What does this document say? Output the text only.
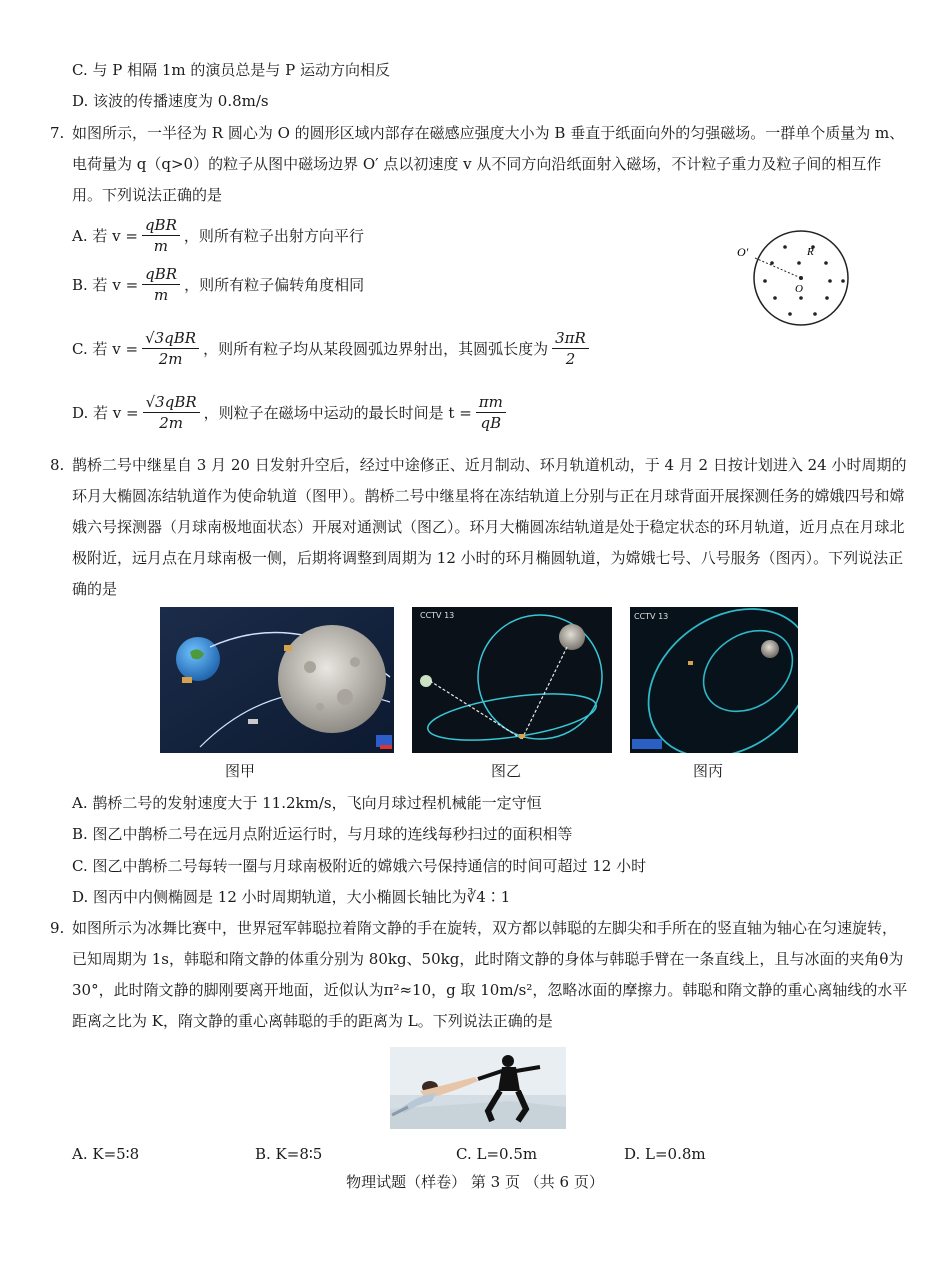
C. 与 P 相隔 1m 的演员总是与 P 运动方向相反
D. 该波的传播速度为 0.8m/s
7. 如图所示，一半径为 R 圆心为 O 的圆形区域内部存在磁感应强度大小为 B 垂直于纸面向外的匀强磁场。一群单个质量为 m、电荷量为 q（q>0）的粒子从图中磁场边界 O′ 点以初速度 v 从不同方向沿纸面射入磁场，不计粒子重力及粒子间的相互作用。下列说法正确的是
A. 若 $v = \frac{\text{qBR}}{m}$ ，则所有粒子出射方向平行
B. 若 $v = \frac{\text{qBR}}{m}$ ，则所有粒子偏转角度相同
C. 若 $v = \frac{\text{√3qBR}}{2m}$ ，则所有粒子均从某段圆弧边界射出，其圆弧长度为 $\frac{3\pi R}{2}$
D. 若 $v = \frac{\text{√3qBR}}{2m}$ ，则粒子在磁场中运动的最长时间是 $t = \frac{\pi m}{qB}$
O′	R
O
8. 鹊桥二号中继星自 3 月 20 日发射升空后，经过中途修正、近月制动、环月轨道机动，于 4 月 2 日按计划进入 24 小时周期的环月大椭圆冻结轨道作为使命轨道（图甲）。鹊桥二号中继星将在冻结轨道上分别与正在月球背面开展探测任务的嫦娥四号和嫦娥六号探测器（月球南极地面状态）开展对通测试（图乙）。环月大椭圆冻结轨道是处于稳定状态的环月轨道，近月点在月球北极附近，远月点在月球南极一侧，后期将调整到周期为 12 小时的环月椭圆轨道，为嫦娥七号、八号服务（图丙）。下列说法正确的是
CCTV 13	CCTV 13
图甲	图乙	图丙
A. 鹊桥二号的发射速度大于 11.2km/s，飞向月球过程机械能一定守恒
B. 图乙中鹊桥二号在远月点附近运行时，与月球的连线每秒扫过的面积相等
C. 图乙中鹊桥二号每转一圈与月球南极附近的嫦娥六号保持通信的时间可超过 12 小时
D. 图丙中内侧椭圆是 12 小时周期轨道，大小椭圆长轴比为∛4∶1
9. 如图所示为冰舞比赛中，世界冠军韩聪拉着隋文静的手在旋转，双方都以韩聪的左脚尖和手所在的竖直轴为轴心在匀速旋转，已知周期为 1s，韩聪和隋文静的体重分别为 80kg、50kg，此时隋文静的身体与韩聪手臂在一条直线上，且与冰面的夹角θ为 30°，此时隋文静的脚刚要离开地面，近似认为π²≈10，g 取 10m/s²，忽略冰面的摩擦力。韩聪和隋文静的重心离轴线的水平距离之比为 K，隋文静的重心离韩聪的手的距离为 L。下列说法正确的是
A. K=5∶8	B. K=8∶5	C. L=0.5m	D. L=0.8m
物理试题（样卷） 第 3 页 （共 6 页）
